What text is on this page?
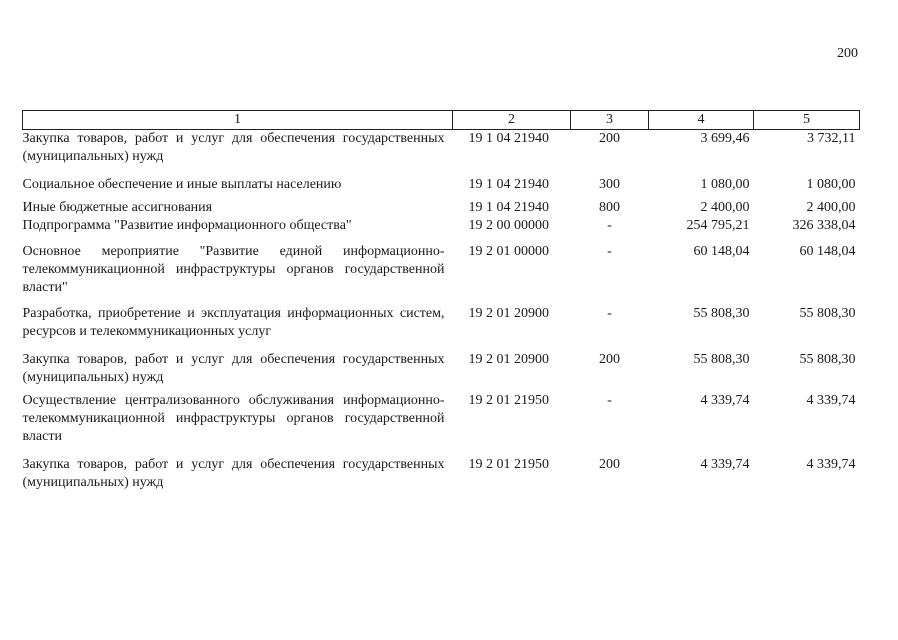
200
1	2	3	4	5
Закупка товаров, работ и услуг для обеспечения государственных (муниципальных) нужд	19 1 04 21940	200	3 699,46	3 732,11
Социальное обеспечение и иные выплаты населению	19 1 04 21940	300	1 080,00	1 080,00
Иные бюджетные ассигнования	19 1 04 21940	800	2 400,00	2 400,00
Подпрограмма "Развитие информационного общества"	19 2 00 00000	-	254 795,21	326 338,04
Основное мероприятие "Развитие единой информационно-телекоммуникационной инфраструктуры органов государственной власти"	19 2 01 00000	-	60 148,04	60 148,04
Разработка, приобретение и эксплуатация информационных систем, ресурсов и телекоммуникационных услуг	19 2 01 20900	-	55 808,30	55 808,30
Закупка товаров, работ и услуг для обеспечения государственных (муниципальных) нужд	19 2 01 20900	200	55 808,30	55 808,30
Осуществление централизованного обслуживания информационно-телекоммуникационной инфраструктуры органов государственной власти	19 2 01 21950	-	4 339,74	4 339,74
Закупка товаров, работ и услуг для обеспечения государственных (муниципальных) нужд	19 2 01 21950	200	4 339,74	4 339,74
